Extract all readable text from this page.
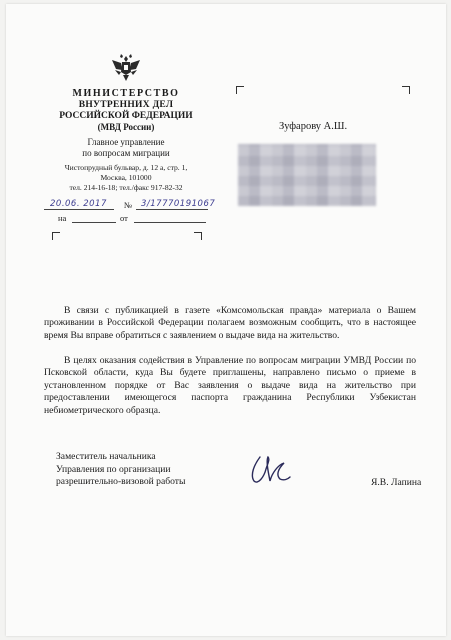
МИНИСТЕРСТВО
ВНУТРЕННИХ ДЕЛ
РОССИЙСКОЙ ФЕДЕРАЦИИ
(МВД России)
Главное управление
по вопросам миграции
Чистопрудный бульвар, д. 12 а, стр. 1,
Москва, 101000
тел. 214-16-18; тел./факс 917-82-32
20.06. 2017 № 3/17770191067
на	от
Зуфарову А.Ш.
В связи с публикацией в газете «Комсомольская правда» материала о Вашем проживании в Российской Федерации полагаем возможным сообщить, что в настоящее время Вы вправе обратиться с заявлением о выдаче вида на жительство.
В целях оказания содействия в Управление по вопросам миграции УМВД России по Псковской области, куда Вы будете приглашены, направлено письмо о приеме в установленном порядке от Вас заявления о выдаче вида на жительство при предоставлении имеющегося паспорта гражданина Республики Узбекистан небиометрического образца.
Заместитель начальника
Управления по организации
разрешительно-визовой работы	Я.В. Лапина
